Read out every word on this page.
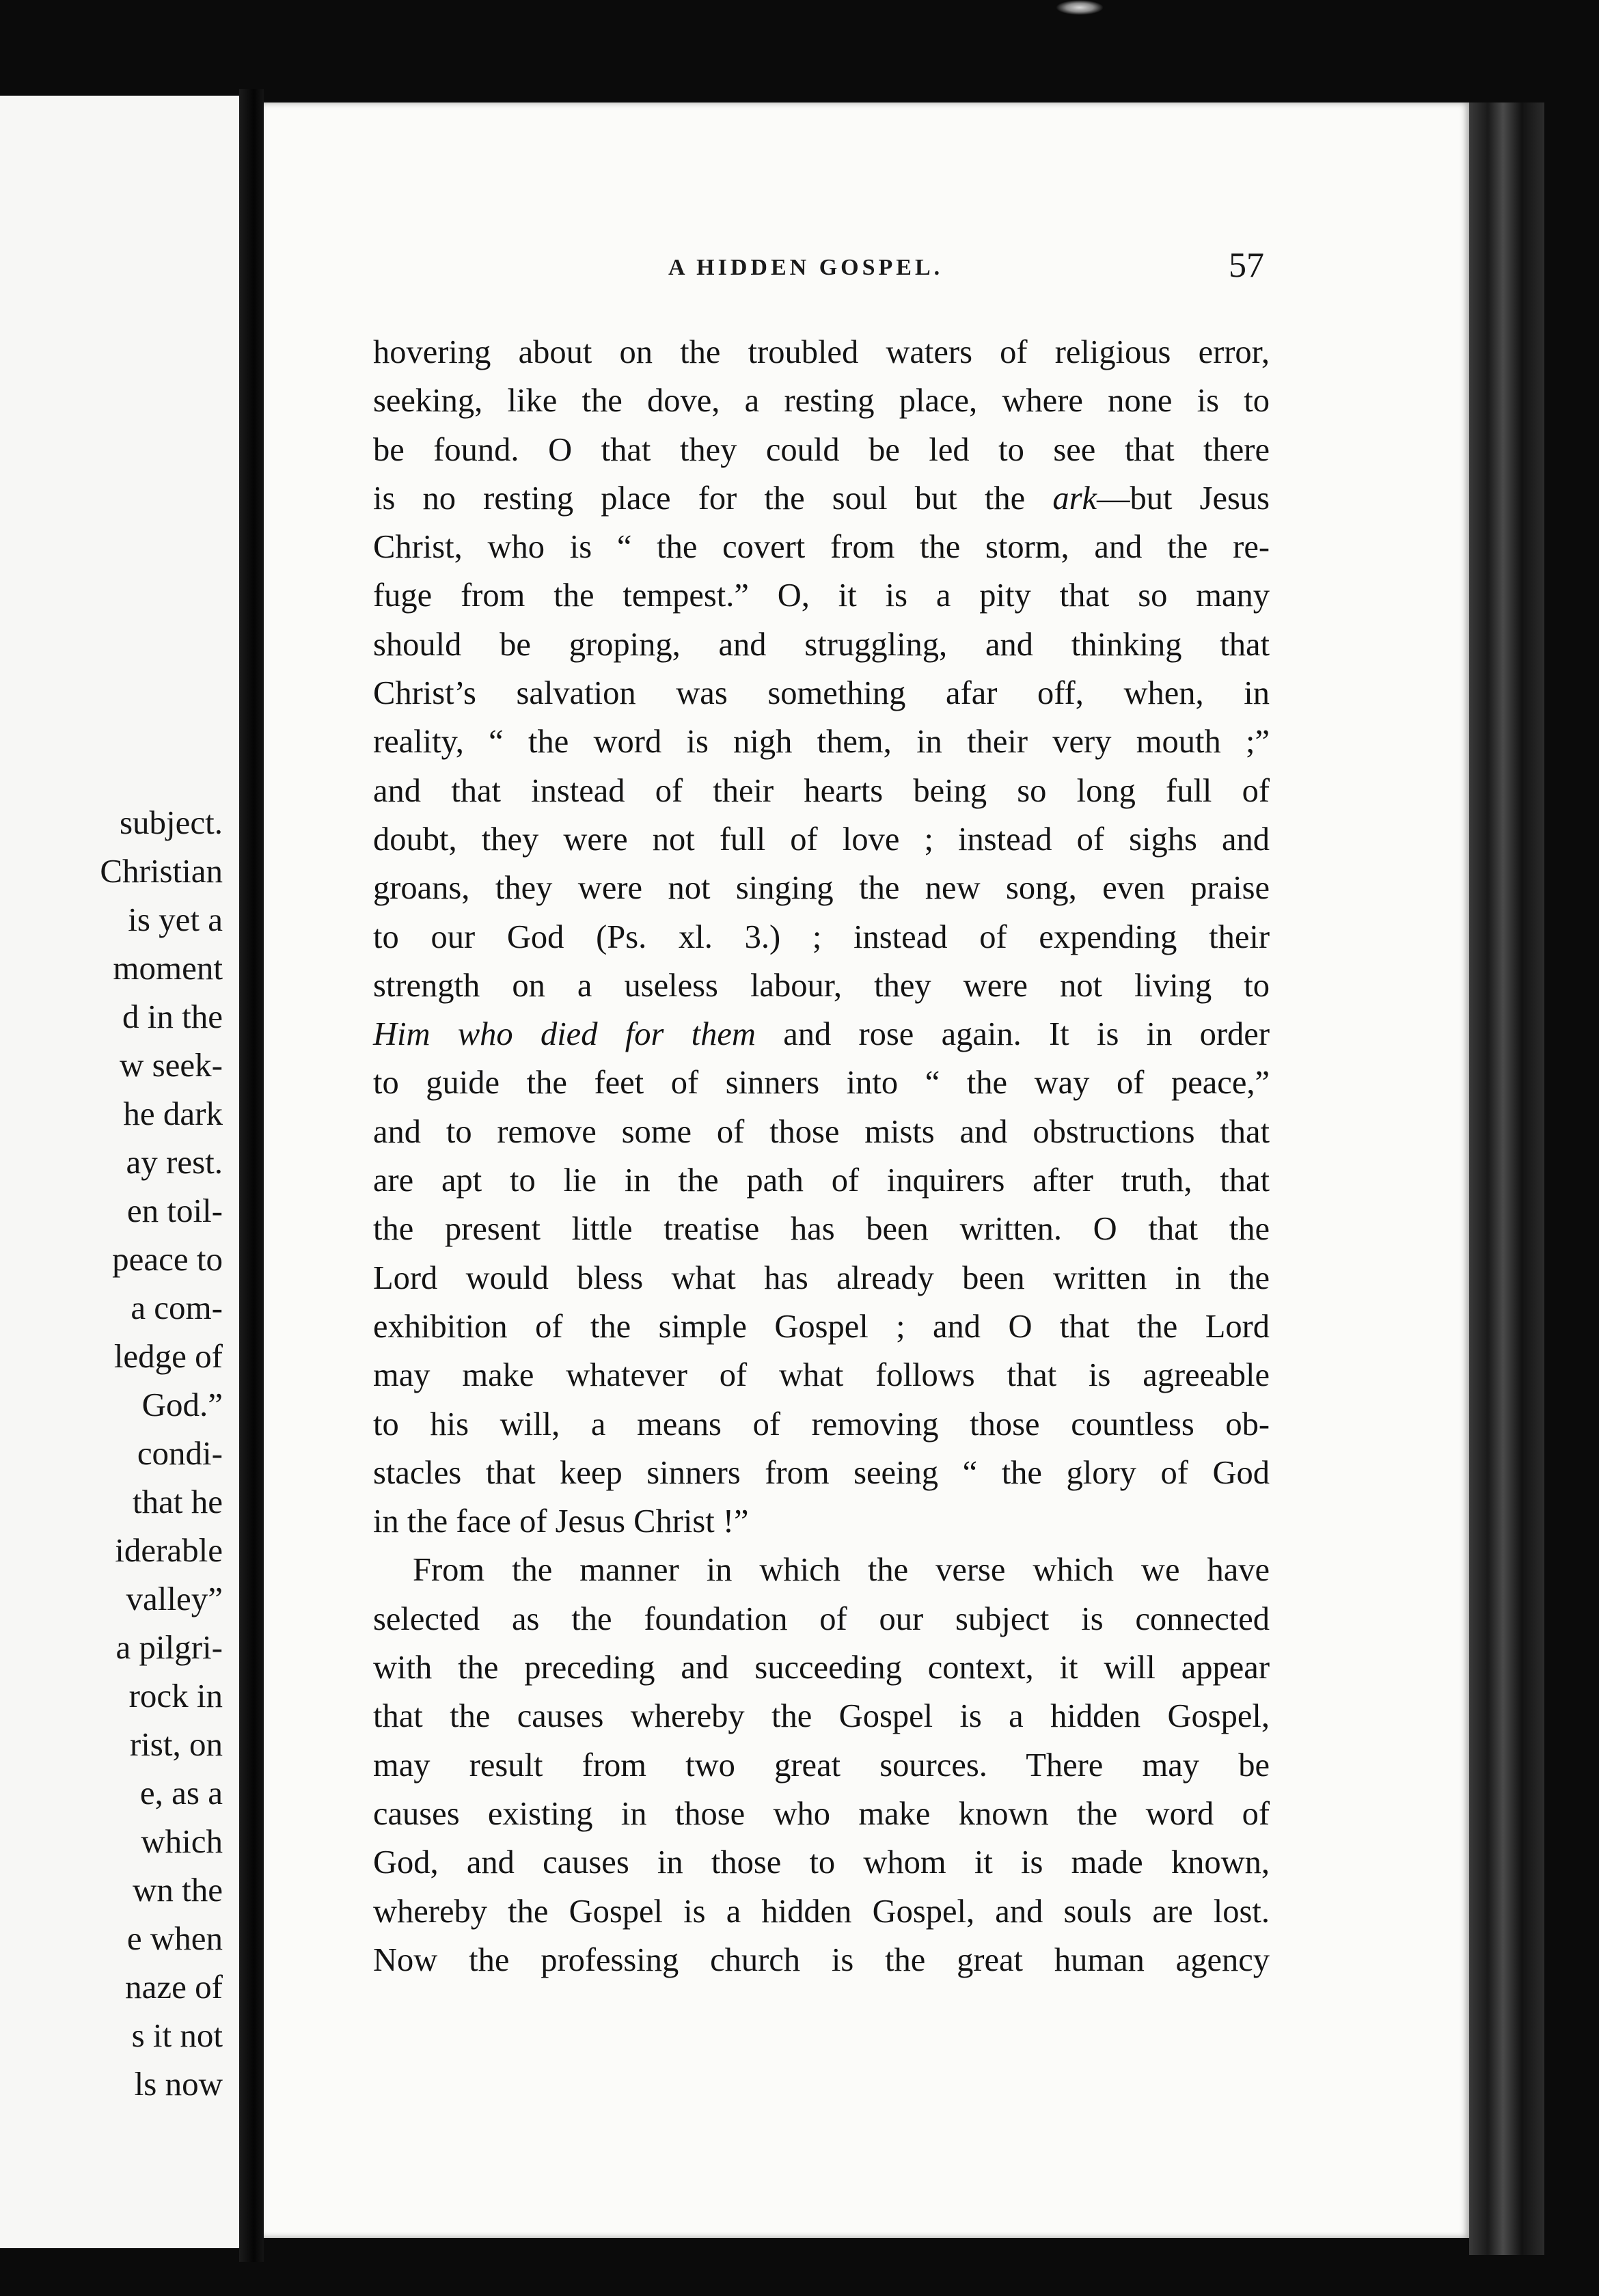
subject.
Christian
is yet a
moment
d in the
w seek-
he dark
ay rest.
en toil-
peace to
a com-
ledge of
God.”
condi-
that he
iderable
valley”
a pilgri-
rock in
rist, on
e, as a
which
wn the
e when
naze of
s it not
ls now
A HIDDEN GOSPEL.	57
hovering about on the troubled waters of religious error,
seeking, like the dove, a resting place, where none is to
be found. O that they could be led to see that there
is no resting place for the soul but the ark—but Jesus
Christ, who is “ the covert from the storm, and the re-
fuge from the tempest.” O, it is a pity that so many
should be groping, and struggling, and thinking that
Christ’s salvation was something afar off, when, in
reality, “ the word is nigh them, in their very mouth ;”
and that instead of their hearts being so long full of
doubt, they were not full of love ; instead of sighs and
groans, they were not singing the new song, even praise
to our God (Ps. xl. 3.) ; instead of expending their
strength on a useless labour, they were not living to
Him who died for them and rose again. It is in order
to guide the feet of sinners into “ the way of peace,”
and to remove some of those mists and obstructions that
are apt to lie in the path of inquirers after truth, that
the present little treatise has been written. O that the
Lord would bless what has already been written in the
exhibition of the simple Gospel ; and O that the Lord
may make whatever of what follows that is agreeable
to his will, a means of removing those countless ob-
stacles that keep sinners from seeing “ the glory of God
in the face of Jesus Christ !”
From the manner in which the verse which we have
selected as the foundation of our subject is connected
with the preceding and succeeding context, it will appear
that the causes whereby the Gospel is a hidden Gospel,
may result from two great sources. There may be
causes existing in those who make known the word of
God, and causes in those to whom it is made known,
whereby the Gospel is a hidden Gospel, and souls are lost.
Now the professing church is the great human agency
